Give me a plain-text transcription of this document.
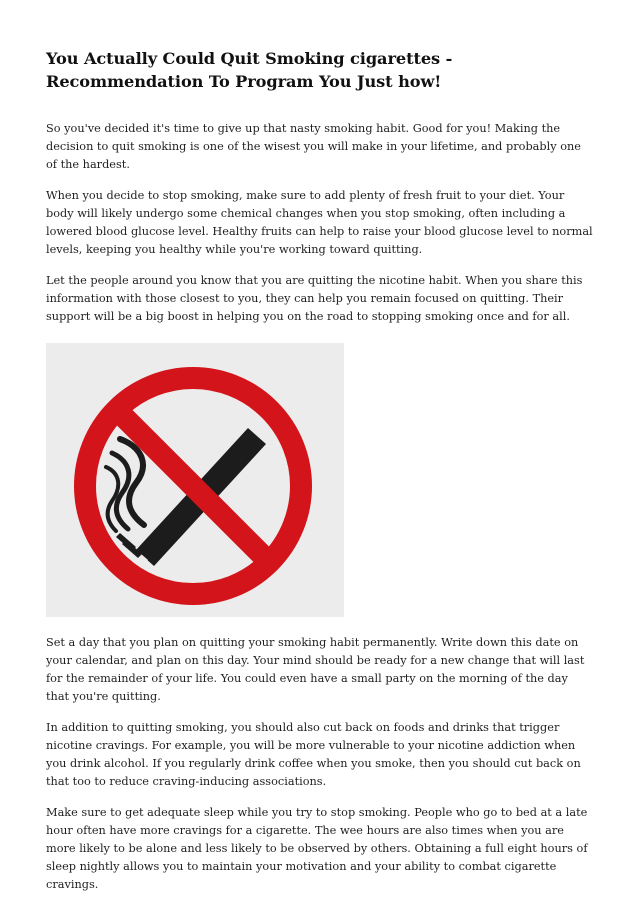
You Actually Could Quit Smoking cigarettes - Recommendation To Program You Just how!

So you've decided it's time to give up that nasty smoking habit. Good for you! Making the decision to quit smoking is one of the wisest you will make in your lifetime, and probably one of the hardest.

When you decide to stop smoking, make sure to add plenty of fresh fruit to your diet. Your body will likely undergo some chemical changes when you stop smoking, often including a lowered blood glucose level. Healthy fruits can help to raise your blood glucose level to normal levels, keeping you healthy while you're working toward quitting.

Let the people around you know that you are quitting the nicotine habit. When you share this information with those closest to you, they can help you remain focused on quitting. Their support will be a big boost in helping you on the road to stopping smoking once and for all.

Set a day that you plan on quitting your smoking habit permanently. Write down this date on your calendar, and plan on this day. Your mind should be ready for a new change that will last for the remainder of your life. You could even have a small party on the morning of the day that you're quitting.

In addition to quitting smoking, you should also cut back on foods and drinks that trigger nicotine cravings. For example, you will be more vulnerable to your nicotine addiction when you drink alcohol. If you regularly drink coffee when you smoke, then you should cut back on that too to reduce craving-inducing associations.

Make sure to get adequate sleep while you try to stop smoking. People who go to bed at a late hour often have more cravings for a cigarette. The wee hours are also times when you are more likely to be alone and less likely to be observed by others. Obtaining a full eight hours of sleep nightly allows you to maintain your motivation and your ability to combat cigarette cravings.
